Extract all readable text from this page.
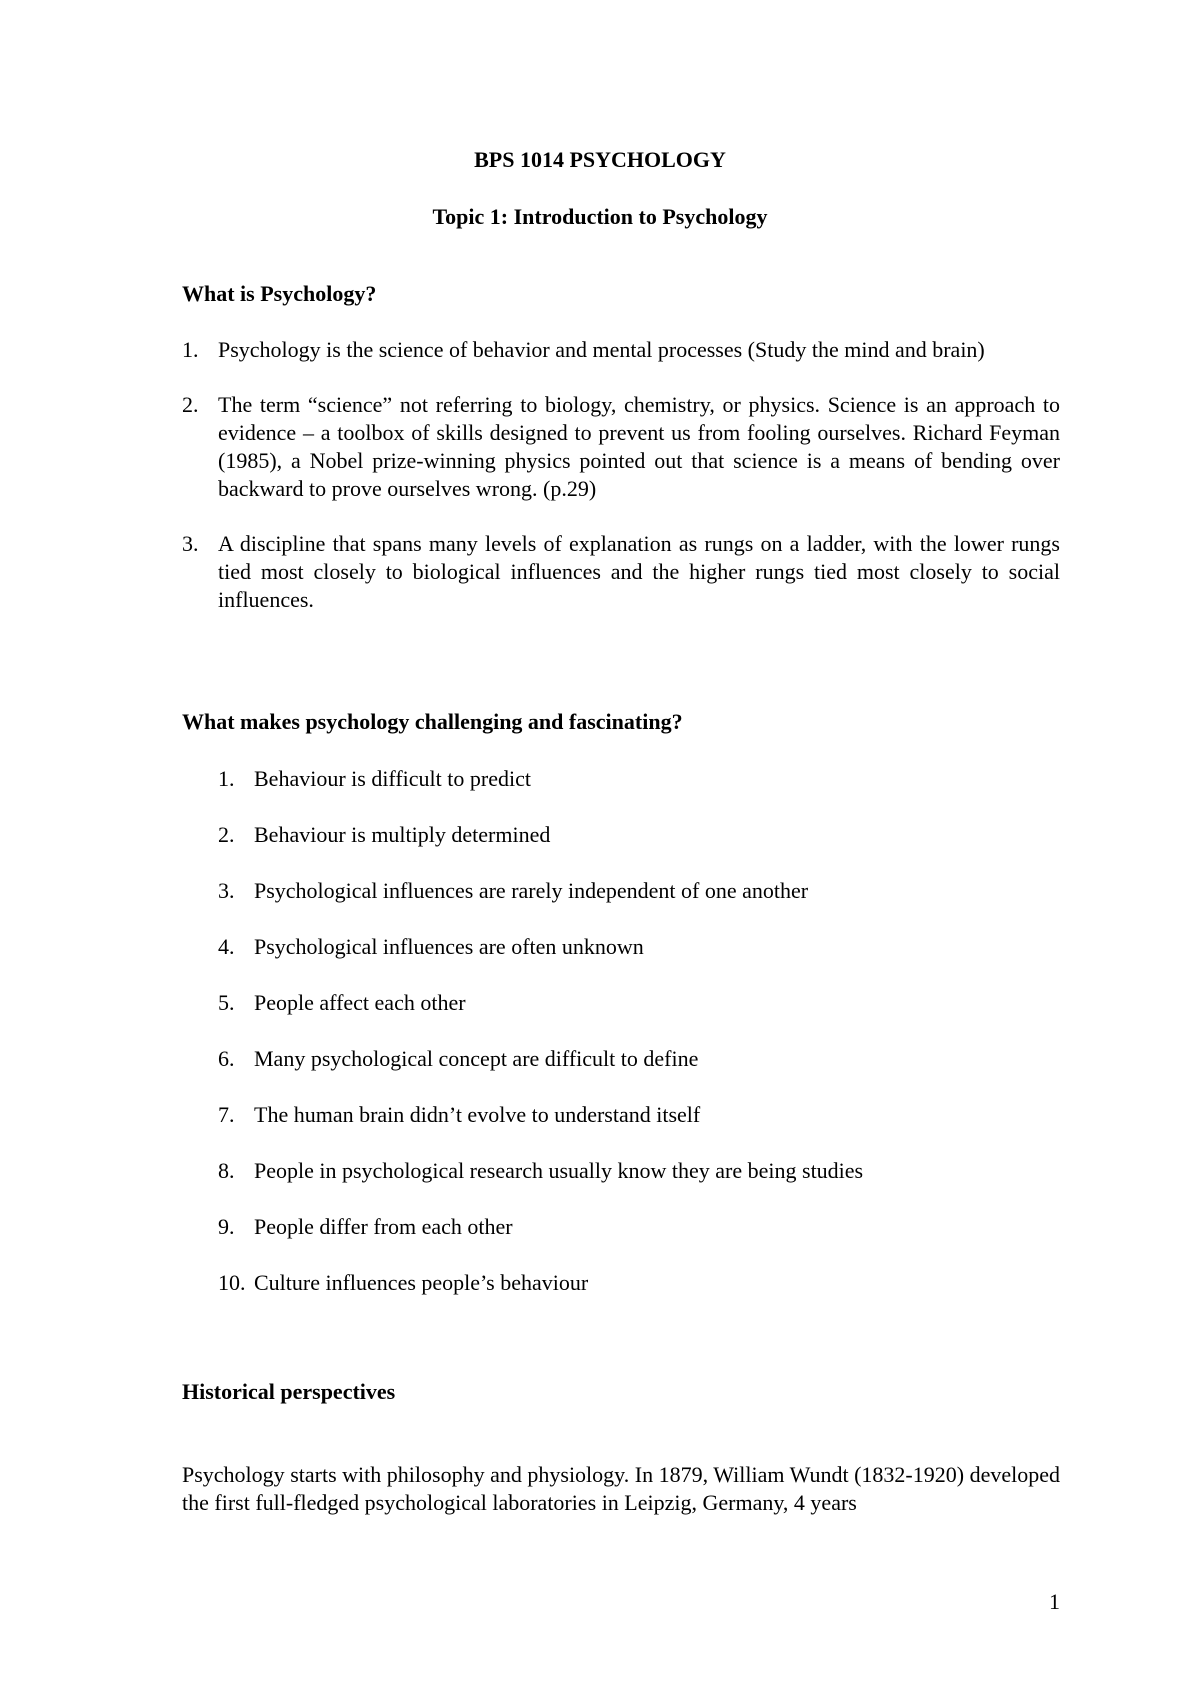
BPS 1014 PSYCHOLOGY
Topic 1: Introduction to Psychology
What is Psychology?
1. Psychology is the science of behavior and mental processes (Study the mind and brain)
2. The term “science” not referring to biology, chemistry, or physics. Science is an approach to evidence – a toolbox of skills designed to prevent us from fooling ourselves. Richard Feyman (1985), a Nobel prize-winning physics pointed out that science is a means of bending over backward to prove ourselves wrong. (p.29)
3. A discipline that spans many levels of explanation as rungs on a ladder, with the lower rungs tied most closely to biological influences and the higher rungs tied most closely to social influences.
What makes psychology challenging and fascinating?
1. Behaviour is difficult to predict
2. Behaviour is multiply determined
3. Psychological influences are rarely independent of one another
4. Psychological influences are often unknown
5. People affect each other
6. Many psychological concept are difficult to define
7. The human brain didn’t evolve to understand itself
8. People in psychological research usually know they are being studies
9. People differ from each other
10. Culture influences people’s behaviour
Historical perspectives

Psychology starts with philosophy and physiology. In 1879, William Wundt (1832-1920) developed the first full-fledged psychological laboratories in Leipzig, Germany, 4 years

1
